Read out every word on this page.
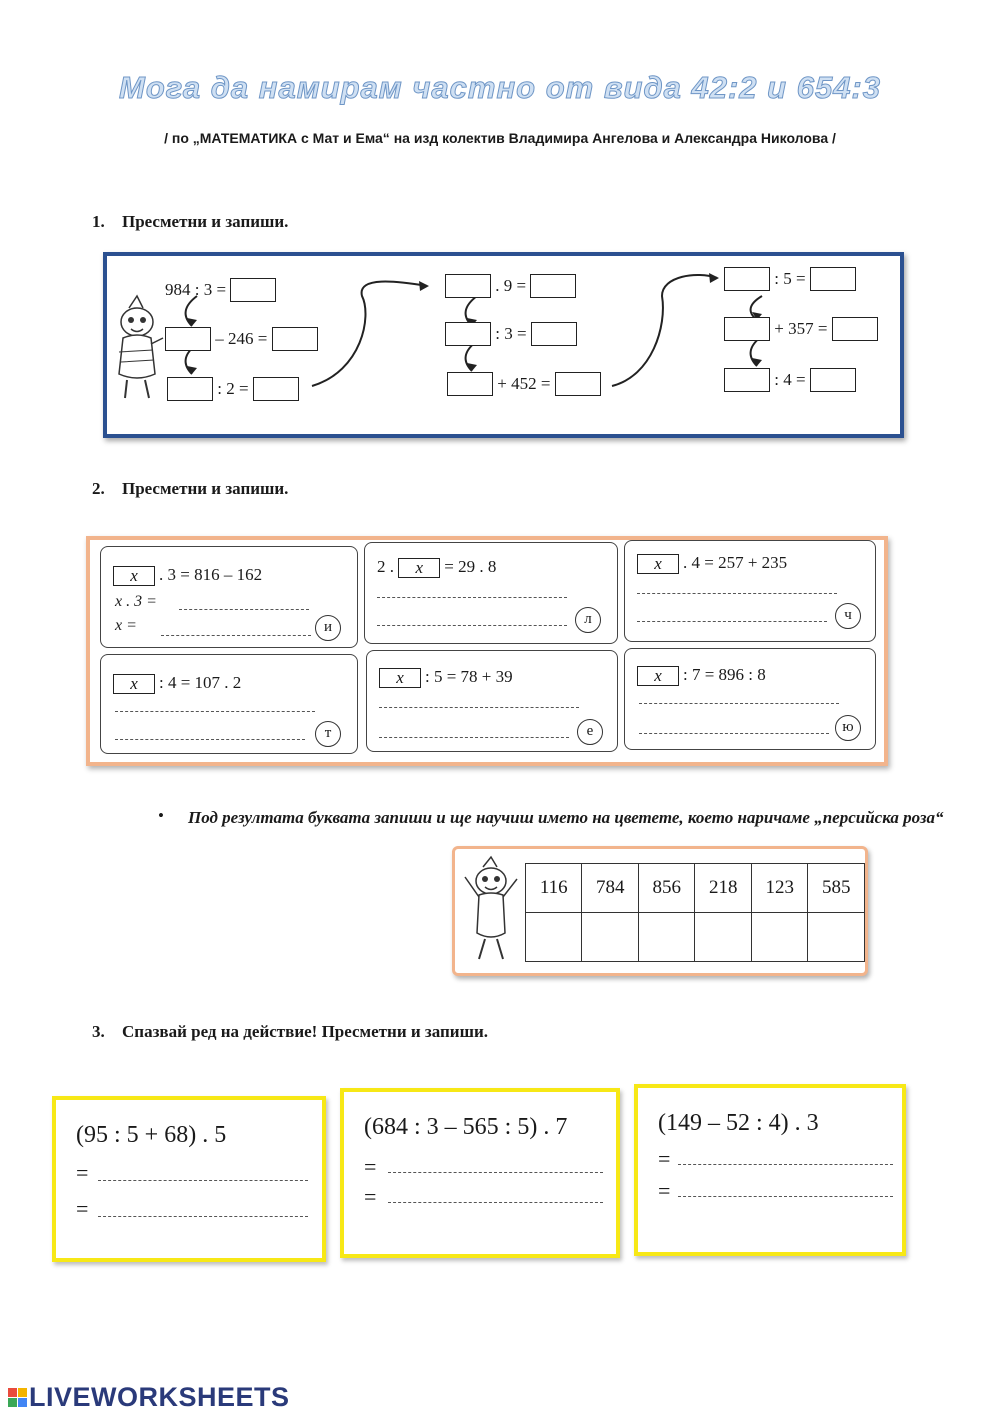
Мога да намирам частно от вида 42:2 и 654:3
/ по „МАТЕМАТИКА с Мат и Ема“ на изд колектив Владимира Ангелова и Александра Николова /
1. Пресметни и запиши.
984 : 3 =

– 246 =

: 2 =

. 9 =

: 3 =

+ 452 =

: 5 =

+ 357 =

: 4 =

2. Пресметни и запиши.
x . 3 = 816 – 162
x . 3 =
x =	и
2 . x = 29 . 8
л
x . 4 = 257 + 235
ч
x : 4 = 107 . 2
т
x : 5 = 78 + 39
е
x : 7 = 896 : 8
ю
• Под резултата буквата запиши и ще научиш името на цветете, което наричаме „персийска роза“
116	784	856	218	123	585

3. Спазвай ред на действие! Пресметни и запиши.
(95 : 5 + 68) . 5
=
=
(684 : 3 – 565 : 5) . 7
=
=
(149 – 52 : 4) . 3
=
=
LIVEWORKSHEETS
